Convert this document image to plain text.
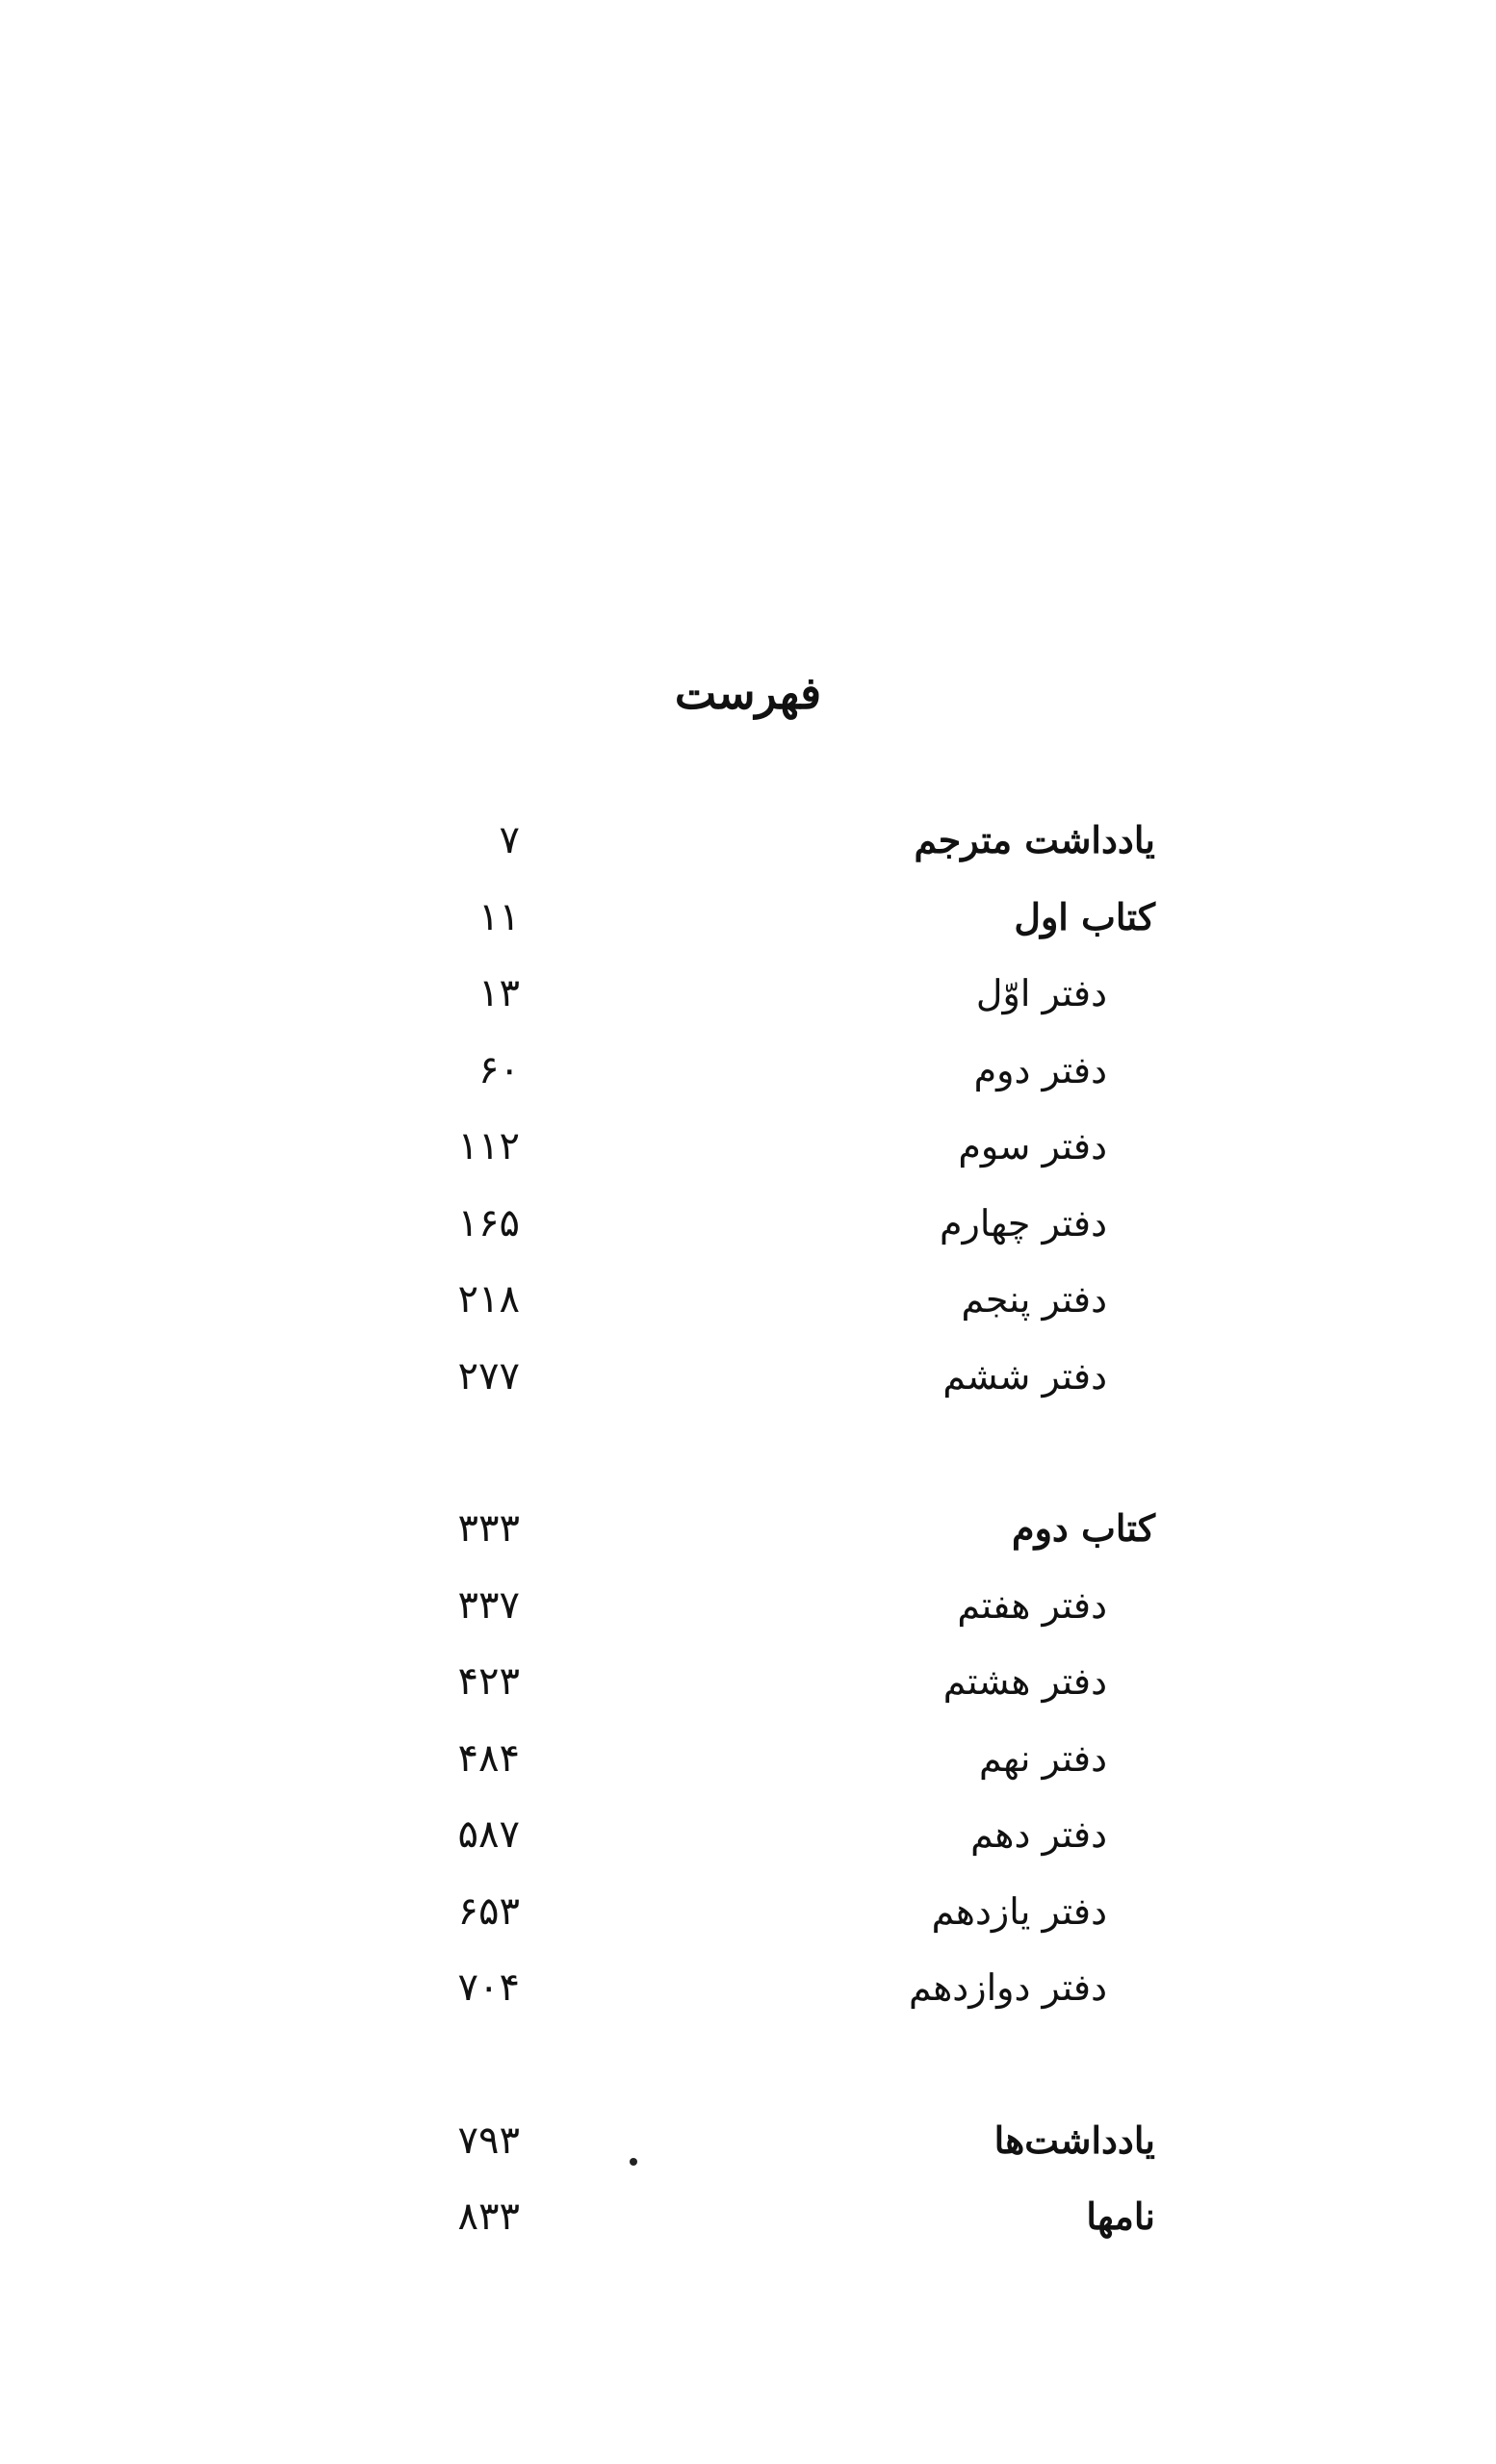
فهرست
یادداشت مترجم
۷
کتاب اول
۱۱
دفتر اوّل
۱۳
دفتر دوم
۶۰
دفتر سوم
۱۱۲
دفتر چهارم
۱۶۵
دفتر پنجم
۲۱۸
دفتر ششم
۲۷۷
کتاب دوم
۳۳۳
دفتر هفتم
۳۳۷
دفتر هشتم
۴۲۳
دفتر نهم
۴۸۴
دفتر دهم
۵۸۷
دفتر یازدهم
۶۵۳
دفتر دوازدهم
۷۰۴
یادداشت‌ها
۷۹۳
نامها
۸۳۳
